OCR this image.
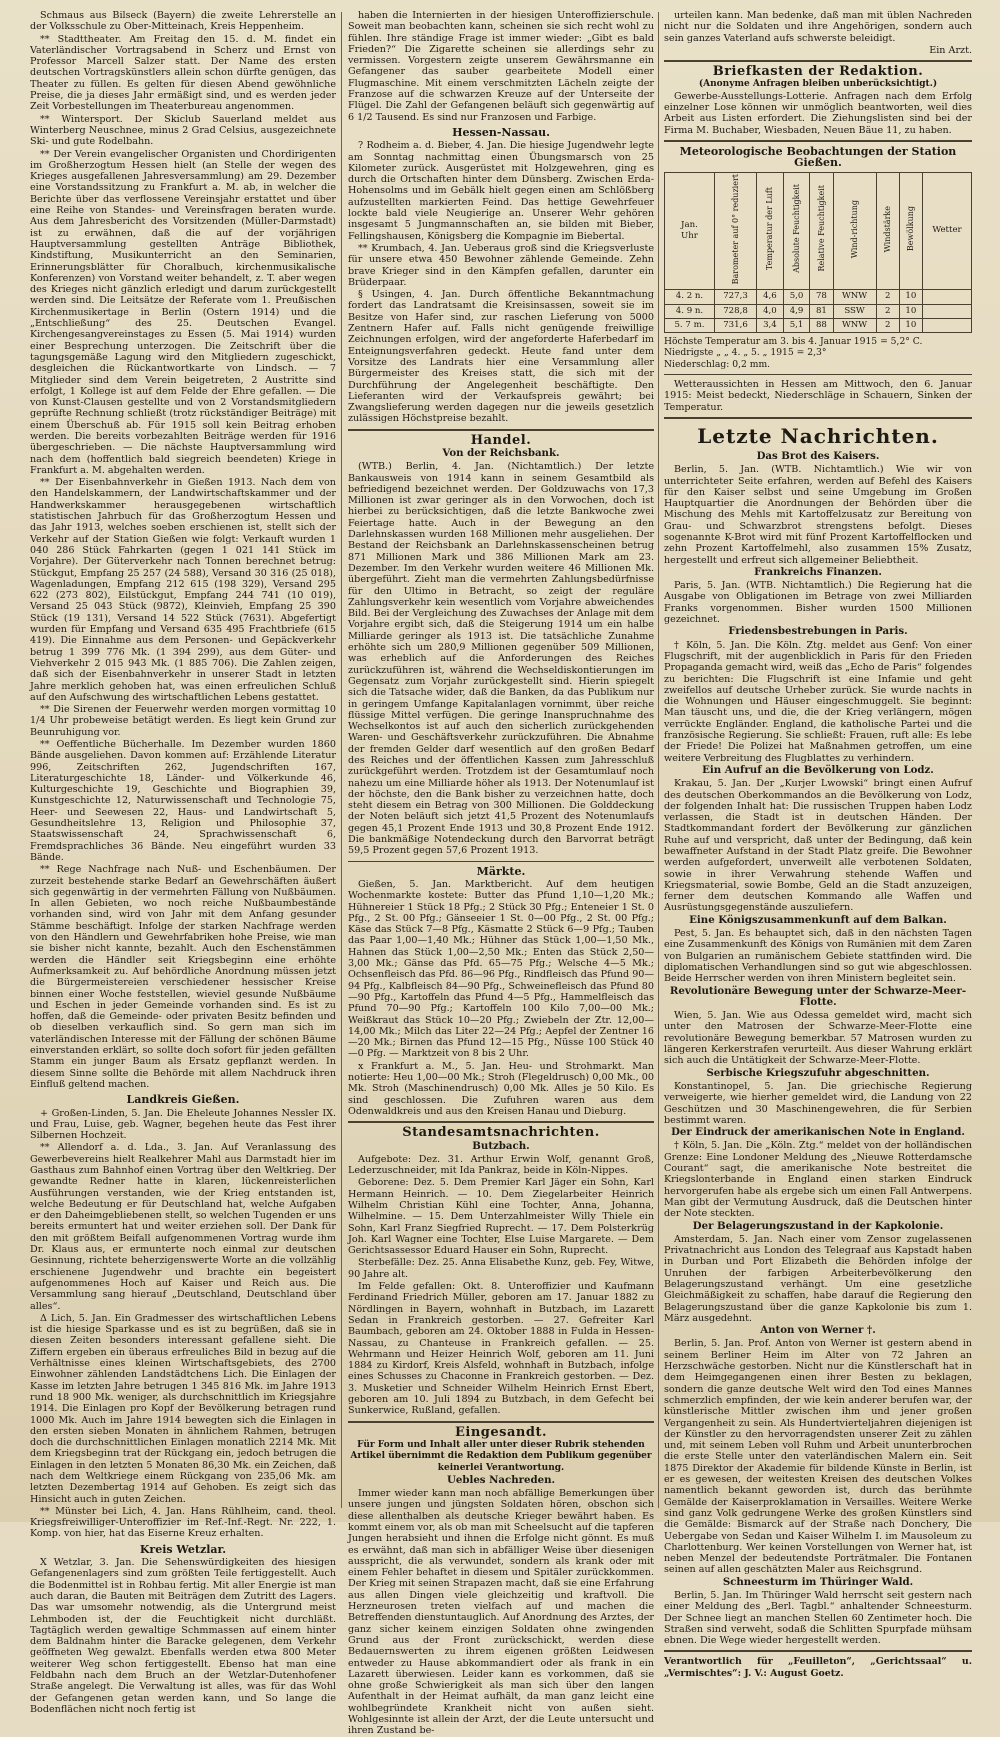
Schmaus aus Bilseck (Bayern) die zweite Lehrerstelle an der Volksschule zu Ober-Mitteinach, Kreis Heppenheim.

** Stadttheater. Am Freitag den 15. d. M. findet ein Vaterländischer Vortragsabend in Scherz und Ernst von Professor Marcell Salzer statt. Der Name des ersten deutschen Vortragskünstlers allein schon dürfte genügen, das Theater zu füllen. Es gelten für diesen Abend gewöhnliche Preise, die ja dieses Jahr ermäßigt sind, und es werden jeder Zeit Vorbestellungen im Theaterbureau angenommen.

** Wintersport. Der Skiclub Sauerland meldet aus Winterberg Neuschnee, minus 2 Grad Celsius, ausgezeichnete Ski- und gute Rodelbahn.

** Der Verein evangelischer Organisten und Chordirigenten im Großherzogtum Hessen hielt (an Stelle der wegen des Krieges ausgefallenen Jahresversammlung) am 29. Dezember eine Vorstandssitzung zu Frankfurt a. M. ab, in welcher die Berichte über das verflossene Vereinsjahr erstattet und über eine Reihe von Standes- und Vereinsfragen beraten wurde. Aus dem Jahresbericht des Vorsitzenden (Müller-Darmstadt) ist zu erwähnen, daß die auf der vorjährigen Hauptversammlung gestellten Anträge Bibliothek, Kindstiftung, Musikunterricht an den Seminarien, Erinnerungsblätter für Choralbuch, kirchenmusikalische Konferenzen) von Vorstand weiter behandelt, z. T. aber wegen des Krieges nicht gänzlich erledigt und darum zurückgestellt werden sind. Die Leitsätze der Referate vom 1. Preußischen Kirchenmusikertage in Berlin (Ostern 1914) und die „Entschließung“ des 25. Deutschen Evangel. Kirchengesangvereinstages zu Essen (5. Mai 1914) wurden einer Besprechung unterzogen. Die Zeitschrift über die tagungsgemäße Lagung wird den Mitgliedern zugeschickt, desgleichen die Rückantwortkarte von Lindsch. — 7 Mitglieder sind dem Verein beigetreten, 2 Austritte sind erfolgt, 1 Kollege ist auf dem Felde der Ehre gefallen. — Die von Kunst-Clausen gestellte und von 2 Vorstandsmitgliedern geprüfte Rechnung schließt (trotz rückständiger Beiträge) mit einem Überschuß ab. Für 1915 soll kein Beitrag erhoben werden. Die bereits vorbezahlten Beiträge werden für 1916 übergeschrieben. — Die nächste Hauptversammlung wird nach dem (hoffentlich bald siegreich beendeten) Kriege in Frankfurt a. M. abgehalten werden.

** Der Eisenbahnverkehr in Gießen 1913. Nach dem von den Handelskammern, der Landwirtschaftskammer und der Handwerkskammer herausgegebenen wirtschaftlich statistischen Jahrbuch für das Großherzogtum Hessen und das Jahr 1913, welches soeben erschienen ist, stellt sich der Verkehr auf der Station Gießen wie folgt: Verkauft wurden 1 040 286 Stück Fahrkarten (gegen 1 021 141 Stück im Vorjahre). Der Güterverkehr nach Tonnen berechnet betrug: Stückgut, Empfang 25 257 (24 588), Versand 30 316 (25 018), Wagenladungen, Empfang 212 615 (198 329), Versand 295 622 (273 802), Eilstückgut, Empfang 244 741 (10 019), Versand 25 043 Stück (9872), Kleinvieh, Empfang 25 390 Stück (19 131), Versand 14 522 Stück (7631). Abgefertigt wurden für Empfang und Versand 635 495 Frachtbriefe (615 419). Die Einnahme aus dem Personen- und Gepäckverkehr betrug 1 399 776 Mk. (1 394 299), aus dem Güter- und Viehverkehr 2 015 943 Mk. (1 885 706). Die Zahlen zeigen, daß sich der Eisenbahnverkehr in unserer Stadt in letzten Jahre merklich gehoben hat, was einen erfreulichen Schluß auf den Aufschwung des wirtschaftlichen Lebens gestattet.

** Die Sirenen der Feuerwehr werden morgen vormittag 10 1/4 Uhr probeweise betätigt werden. Es liegt kein Grund zur Beunruhigung vor.

** Oeffentliche Bücherhalle. Im Dezember wurden 1860 Bände ausgeliehen. Davon kommen auf: Erzählende Literatur 996, Zeitschriften 262, Jugendschriften 167, Literaturgeschichte 18, Länder- und Völkerkunde 46, Kulturgeschichte 19, Geschichte und Biographien 39, Kunstgeschichte 12, Naturwissenschaft und Technologie 75, Heer- und Seewesen 22, Haus- und Landwirtschaft 5, Gesundheitslehre 13, Religion und Philosophie 37, Staatswissenschaft 24, Sprachwissenschaft 6, Fremdsprachliches 36 Bände. Neu eingeführt wurden 33 Bände.

** Rege Nachfrage nach Nuß- und Eschenbäumen. Der zurzeit bestehende starke Bedarf an Gewehrschäften äußert sich gegenwärtig in der vermehrten Fällung von Nußbäumen. In allen Gebieten, wo noch reiche Nußbaumbestände vorhanden sind, wird von Jahr mit dem Anfang gesunder Stämme beschäftigt. Infolge der starken Nachfrage werden von den Händlern und Gewehrfabriken hohe Preise, wie man sie bisher nicht kannte, bezahlt. Auch den Eschenstämmen werden die Händler seit Kriegsbeginn eine erhöhte Aufmerksamkeit zu. Auf behördliche Anordnung müssen jetzt die Bürgermeistereien verschiedener hessischer Kreise binnen einer Woche feststellen, wieviel gesunde Nußbäume und Eschen in jeder Gemeinde vorhanden sind. Es ist zu hoffen, daß die Gemeinde- oder privaten Besitz befinden und ob dieselben verkauflich sind. So gern man sich im vaterländischen Interesse mit der Fällung der schönen Bäume einverstanden erklärt, so sollte doch sofort für jeden gefällten Stamm ein junger Baum als Ersatz gepflanzt werden. In diesem Sinne sollte die Behörde mit allem Nachdruck ihren Einfluß geltend machen.

Landkreis Gießen.

+ Großen-Linden, 5. Jan. Die Eheleute Johannes Nessler IX. und Frau, Luise, geb. Wagner, begehen heute das Fest ihrer Silbernen Hochzeit.

** Allendorf a. d. Lda., 3. Jan. Auf Veranlassung des Gewerbevereins hielt Realkehrer Mahl aus Darmstadt hier im Gasthaus zum Bahnhof einen Vortrag über den Weltkrieg. Der gewandte Redner hatte in klaren, lückenreisterlichen Ausführungen verstanden, wie der Krieg entstanden ist, welche Bedeutung er für Deutschland hat, welche Aufgaben er den Daheimgebliebenen stellt, so welchen Tugenden er uns bereits ermuntert hat und weiter erziehen soll. Der Dank für den mit größtem Beifall aufgenommenen Vortrag wurde ihm Dr. Klaus aus, er ermunterte noch einmal zur deutschen Gesinnung, richtete beherzigenswerte Worte an die vollzählig erschienene Jugendwehr und brachte ein begeistert aufgenommenes Hoch auf Kaiser und Reich aus. Die Versammlung sang hierauf „Deutschland, Deutschland über alles“.

Δ Lich, 5. Jan. Ein Gradmesser des wirtschaftlichen Lebens ist die hiesige Sparkasse und es ist zu begrüßen, daß sie in diesen Zeiten besonders interessant gefallene sieht. Die Ziffern ergeben ein überaus erfreuliches Bild in bezug auf die Verhältnisse eines kleinen Wirtschaftsgebiets, des 2700 Einwohner zählenden Landstädtchens Lich. Die Einlagen der Kasse im letzten Jahre betrugen 1 345 816 Mk. im Jahre 1913 rund 18 900 Mk. weniger, als durchschnittlich im Kriegsjahre 1914. Die Einlagen pro Kopf der Bevölkerung betragen rund 1000 Mk. Auch im Jahre 1914 bewegten sich die Einlagen in den ersten sieben Monaten in ähnlichem Rahmen, betrugen doch die durchschnittlichen Einlagen monatlich 2214 Mk. Mit dem Kriegsbeginn trat der Rückgang ein, jedoch betrugen die Einlagen in den letzten 5 Monaten 86,30 Mk. ein Zeichen, daß nach dem Weltkriege einem Rückgang von 235,06 Mk. am letzten Dezembertag 1914 auf Gehoben. Es zeigt sich das Hinsicht auch in guten Zeichen.

** Münster bei Lich, 4. Jan. Hans Rühlheim, cand. theol. Kriegsfreiwilliger-Unteroffizier im Ref.-Inf.-Regt. Nr. 222, 1. Komp. von hier, hat das Eiserne Kreuz erhalten.

Kreis Wetzlar.

Χ Wetzlar, 3. Jan. Die Sehenswürdigkeiten des hiesigen Gefangenenlagers sind zum größten Teile fertiggestellt. Auch die Bodenmittel ist in Rohbau fertig. Mit aller Energie ist man auch daran, die Bauten mit Beiträgen dem Zutritt des Lagers. Das war umsomehr notwendig, als die Untergrund meist Lehmboden ist, der die Feuchtigkeit nicht durchläßt. Tagtäglich werden gewaltige Schmmassen auf einem hinter dem Baldnahm hinter die Baracke gelegenen, dem Verkehr geöffneten Weg gewalzt. Ebenfalls werden etwa 800 Meter weiterer Weg schon fertiggestellt. Ebenso hat man eine Feldbahn nach dem Bruch an der Wetzlar-Dutenhofener Straße angelegt. Die Verwaltung ist alles, was für das Wohl der Gefangenen getan werden kann, und So lange die Bodenflächen nicht noch fertig ist

haben die Internierten in der hiesigen Unteroffizierschule. Soweit man beobachten kann, scheinen sie sich recht wohl zu fühlen. Ihre ständige Frage ist immer wieder: „Gibt es bald Frieden?“ Die Zigarette scheinen sie allerdings sehr zu vermissen. Vorgestern zeigte unserem Gewährsmanne ein Gefangener das sauber gearbeitete Modell einer Flugmaschine. Mit einem verschmitzten Lächeln zeigte der Franzose auf die schwarzen Kreuze auf der Unterseite der Flügel. Die Zahl der Gefangenen beläuft sich gegenwärtig auf 6 1/2 Tausend. Es sind nur Franzosen und Farbige.

Hessen-Nassau.

? Rodheim a. d. Bieber, 4. Jan. Die hiesige Jugendwehr legte am Sonntag nachmittag einen Übungsmarsch von 25 Kilometer zurück. Ausgerüstet mit Holzgewehren, ging es durch die Ortschaften hinter dem Dünsberg. Zwischen Erda-Hohensolms und im Gebälk hielt gegen einen am Schlößberg aufzustellten markierten Feind. Das hettige Gewehrfeuer lockte bald viele Neugierige an. Unserer Wehr gehören insgesamt 5 Jungmannschaften an, sie bilden mit Bieber, Fellingshausen, Königsberg die Kompagnie im Biebertal.

** Krumbach, 4. Jan. Ueberaus groß sind die Kriegsverluste für unsere etwa 450 Bewohner zählende Gemeinde. Zehn brave Krieger sind in den Kämpfen gefallen, darunter ein Brüderpaar.

§ Usingen, 4. Jan. Durch öffentliche Bekanntmachung fordert das Landratsamt die Kreisinsassen, soweit sie im Besitze von Hafer sind, zur raschen Lieferung von 5000 Zentnern Hafer auf. Falls nicht genügende freiwillige Zeichnungen erfolgen, wird der angeforderte Haferbedarf im Enteignungsverfahren gedeckt. Heute fand unter dem Vorsitze des Landrats hier eine Versammlung aller Bürgermeister des Kreises statt, die sich mit der Durchführung der Angelegenheit beschäftigte. Den Lieferanten wird der Verkaufspreis gewährt; bei Zwangslieferung werden dagegen nur die jeweils gesetzlich zulässigen Höchstpreise bezahlt.

Handel.
Von der Reichsbank.

(WTB.) Berlin, 4. Jan. (Nichtamtlich.) Der letzte Bankausweis von 1914 kann in seinem Gesamtbild als befriedigend bezeichnet werden. Der Goldzuwachs von 17,3 Millionen ist zwar geringer als in den Vorwochen, doch ist hierbei zu berücksichtigen, daß die letzte Bankwoche zwei Feiertage hatte. Auch in der Bewegung an den Darlehnskassen wurden 168 Millionen mehr ausgeliehen. Der Bestand der Reichsbank an Darlehnskassenscheinen betrug 871 Millionen Mark und 386 Millionen Mark am 23. Dezember. Im den Verkehr wurden weitere 46 Millionen Mk. übergeführt. Zieht man die vermehrten Zahlungsbedürfnisse für den Ultimo in Betracht, so zeigt der reguläre Zahlungsverkehr kein wesentlich vom Vorjahre abweichendes Bild. Bei der Vergleichung des Zuwachses der Anlage mit dem Vorjahre ergibt sich, daß die Steigerung 1914 um ein halbe Milliarde geringer als 1913 ist. Die tatsächliche Zunahme erhöhte sich um 280,9 Millionen gegenüber 509 Millionen, was erheblich auf die Anforderungen des Reiches zurückzuführen ist, während die Wechseldiskontierungen im Gegensatz zum Vorjahr zurückgestellt sind. Hierin spiegelt sich die Tatsache wider, daß die Banken, da das Publikum nur in geringem Umfange Kapitalanlagen vornimmt, über reiche flüssige Mittel verfügen. Die geringe Inanspruchnahme des Wechselkontos ist auf auch den sicherlich zurückgehenden Waren- und Geschäftsverkehr zurückzuführen. Die Abnahme der fremden Gelder darf wesentlich auf den großen Bedarf des Reiches und der öffentlichen Kassen zum Jahresschluß zurückgeführt werden. Trotzdem ist der Gesamtumlauf noch nahezu um eine Milliarde höher als 1913. Der Notenumlauf ist der höchste, den die Bank bisher zu verzeichnen hatte, doch steht diesem ein Betrag von 300 Millionen. Die Golddeckung der Noten beläuft sich jetzt 41,5 Prozent des Notenumlaufs gegen 45,1 Prozent Ende 1913 und 30,8 Prozent Ende 1912. Die bankmäßige Notendeckung durch den Barvorrat beträgt 59,5 Prozent gegen 57,6 Prozent 1913.

Märkte.

Gießen, 5. Jan. Marktbericht. Auf dem heutigen Wochenmarkte kostete: Butter das Pfund 1,10—1,20 Mk.; Hühnereier 1 Stück 18 Pfg.; 2 Stück 30 Pfg.; Enteneier 1 St. 0 Pfg., 2 St. 00 Pfg.; Gänseeier 1 St. 0—00 Pfg., 2 St. 00 Pfg.; Käse das Stück 7—8 Pfg., Käsmatte 2 Stück 6—9 Pfg.; Tauben das Paar 1,00—1,40 Mk.; Hühner das Stück 1,00—1,50 Mk., Hahnen das Stück 1,00—2,50 Mk.; Enten das Stück 2,50—3,00 Mk.; Gänse das Pfd. 65—75 Pfg.; Welsche 4—5 Mk.; Ochsenfleisch das Pfd. 86—96 Pfg., Rindfleisch das Pfund 90—94 Pfg., Kalbfleisch 84—90 Pfg., Schweinefleisch das Pfund 80—90 Pfg., Kartoffeln das Pfund 4—5 Pfg., Hammelfleisch das Pfund 70—90 Pfg.; Kartoffeln 100 Kilo 7,00—00 Mk.; Weißkraut das Stück 10—20 Pfg.; Zwiebeln der Ztr. 12,00—14,00 Mk.; Milch das Liter 22—24 Pfg.; Aepfel der Zentner 16—20 Mk.; Birnen das Pfund 12—15 Pfg., Nüsse 100 Stück 40—0 Pfg. — Marktzeit von 8 bis 2 Uhr.

x Frankfurt a. M., 5. Jan. Heu- und Strohmarkt. Man notierte: Heu 1,00—00 Mk.; Stroh (Flegeldrusch) 0,00 Mk., 00 Mk. Stroh (Maschinendrusch) 0,00 Mk. Alles je 50 Kilo. Es sind geschlossen. Die Zufuhren waren aus dem Odenwaldkreis und aus den Kreisen Hanau und Dieburg.

Standesamtsnachrichten.
Butzbach.

Aufgebote: Dez. 31. Arthur Erwin Wolf, genannt Groß, Lederzuschneider, mit Ida Pankraz, beide in Köln-Nippes.

Geborene: Dez. 5. Dem Premier Karl Jäger ein Sohn, Karl Hermann Heinrich. — 10. Dem Ziegelarbeiter Heinrich Wilhelm Christian Kühl eine Tochter, Anna, Johanna, Wilhelmine. — 15. Dem Unterzahlmeister Willy Thiele ein Sohn, Karl Franz Siegfried Ruprecht. — 17. Dem Polsterkrüg Joh. Karl Wagner eine Tochter, Else Luise Margarete. — Dem Gerichtsassessor Eduard Hauser ein Sohn, Ruprecht.

Sterbefälle: Dez. 25. Anna Elisabethe Kunz, geb. Fey, Witwe, 90 Jahre alt.

Im Felde gefallen: Okt. 8. Unteroffizier und Kaufmann Ferdinand Friedrich Müller, geboren am 17. Januar 1882 zu Nördlingen in Bayern, wohnhaft in Butzbach, im Lazarett Sedan in Frankreich gestorben. — 27. Gefreiter Karl Baumbach, geboren am 24. Oktober 1888 in Fulda in Hessen-Nassau, zu Chanteuse in Frankreich gefallen. — 25. Wehrmann und Heizer Heinrich Wolf, geboren am 11. Juni 1884 zu Kirdorf, Kreis Alsfeld, wohnhaft in Butzbach, infolge eines Schusses zu Chaconne in Frankreich gestorben. — Dez. 3. Musketier und Schneider Wilhelm Heinrich Ernst Ebert, geboren am 10. Juli 1894 zu Butzbach, in dem Gefecht bei Sunkerwice, Rußland, gefallen.

Eingesandt.
Für Form und Inhalt aller unter dieser Rubrik stehenden Artikel übernimmt die Redaktion dem Publikum gegenüber keinerlei Verantwortung.
Uebles Nachreden.

Immer wieder kann man noch abfällige Bemerkungen über unsere jungen und jüngsten Soldaten hören, obschon sich diese allenthalben als deutsche Krieger bewährt haben. Es kommt einem vor, als ob man mit Scheelsucht auf die tapferen Jungen herabsieht und ihnen die Erfolge nicht gönnt. Es muß es erwähnt, daß man sich in abfälliger Weise über diesenigen ausspricht, die als verwundet, sondern als krank oder mit einem Fehler behaftet in diesem und Spitäler zurückkommen. Der Krieg mit seinen Strapazen macht, daß sie eine Erfahrung aus allen Dingen viele gleichzeitig und kraftvoll. Die Herzneurosen treten vielfach auf und machen die Betreffenden dienstuntauglich. Auf Anordnung des Arztes, der ganz sicher keinem einzigen Soldaten ohne zwingenden Grund aus der Front zurückschickt, werden diese Bedauernswerten zu ihrem eigenen größten Leidwesen entweder zu Hause abkommandiert oder als frank in ein Lazarett überwiesen. Leider kann es vorkommen, daß sie ohne große Schwierigkeit als man sich über den langen Aufenthalt in der Heimat aufhält, da man ganz leicht eine wohlbegründete Krankheit nicht von außen sieht. Wohlgesinnte ist allein der Arzt, der die Leute untersucht und ihren Zustand be-

urteilen kann. Man bedenke, daß man mit üblen Nachreden nicht nur die Soldaten und ihre Angehörigen, sondern auch sein ganzes Vaterland aufs schwerste beleidigt.

Ein Arzt.
Briefkasten der Redaktion.
(Anonyme Anfragen bleiben unberücksichtigt.)

Gewerbe-Ausstellungs-Lotterie. Anfragen nach dem Erfolg einzelner Lose können wir unmöglich beantworten, weil dies Arbeit aus Listen erfordert. Die Ziehungslisten sind bei der Firma M. Buchaber, Wiesbaden, Neuen Bäue 11, zu haben.

Meteorologische Beobachtungen der Station Gießen.
Jan.
Uhr	Barometer auf 0° reduziert	Temperatur der Luft	Absolute Feuchtigkeit	Relative Feuchtigkeit	Wind-richtung	Windstärke	Bewölkung	Wetter
4. 2 n.	727,3	4,6	5,0	78	WNW	2	10	
4. 9 n.	728,8	4,0	4,9	81	SSW	2	10	
5. 7 m.	731,6	3,4	5,1	88	WNW	2	10	
Höchste Temperatur am 3. bis 4. Januar 1915 = 5,2° C.
Niedrigste „ „ 4. „ 5. „ 1915 = 2,3°
Niederschlag: 0,2 mm.

Wetteraussichten in Hessen am Mittwoch, den 6. Januar 1915: Meist bedeckt, Niederschläge in Schauern, Sinken der Temperatur.

Letzte Nachrichten.
Das Brot des Kaisers.

Berlin, 5. Jan. (WTB. Nichtamtlich.) Wie wir von unterrichteter Seite erfahren, werden auf Befehl des Kaisers für den Kaiser selbst und seine Umgebung im Großen Hauptquartier die Anordnungen der Behörden über die Mischung des Mehls mit Kartoffelzusatz zur Bereitung von Grau- und Schwarzbrot strengstens befolgt. Dieses sogenannte K-Brot wird mit fünf Prozent Kartoffelflocken und zehn Prozent Kartoffelmehl, also zusammen 15% Zusatz, hergestellt und erfreut sich allgemeiner Beliebtheit.

Frankreichs Finanzen.

Paris, 5. Jan. (WTB. Nichtamtlich.) Die Regierung hat die Ausgabe von Obligationen im Betrage von zwei Milliarden Franks vorgenommen. Bisher wurden 1500 Millionen gezeichnet.

Friedensbestrebungen in Paris.

† Köln, 5. Jan. Die Köln. Ztg. meldet aus Genf: Von einer Flugschrift, mit der augenblicklich in Paris für den Frieden Propaganda gemacht wird, weiß das „Echo de Paris“ folgendes zu berichten: Die Flugschrift ist eine Infamie und geht zweifellos auf deutsche Urheber zurück. Sie wurde nachts in die Wohnungen und Häuser eingeschmuggelt. Sie beginnt: Man täuscht uns, und die, die der Krieg verlängern, mögen verrückte Engländer. England, die katholische Partei und die französische Regierung. Sie schließt: Frauen, ruft alle: Es lebe der Friede! Die Polizei hat Maßnahmen getroffen, um eine weitere Verbreitung des Flugblattes zu verhindern.

Ein Aufruf an die Bevölkerung von Lodz.

Krakau, 5. Jan. Der „Kurjer Lwowski“ bringt einen Aufruf des deutschen Oberkommandos an die Bevölkerung von Lodz, der folgenden Inhalt hat: Die russischen Truppen haben Lodz verlassen, die Stadt ist in deutschen Händen. Der Stadtkommandant fordert der Bevölkerung zur gänzlichen Ruhe auf und verspricht, daß unter der Bedingung, daß kein bewaffneter Aufstand in der Stadt Platz greife. Die Bewohner werden aufgefordert, unverweilt alle verbotenen Soldaten, sowie in ihrer Verwahrung stehende Waffen und Kriegsmaterial, sowie Bombe, Geld an die Stadt anzuzeigen, ferner dem deutschen Kommando alle Waffen und Ausrüstungsgegenstände auszuliefern.

Eine Königszusammenkunft auf dem Balkan.

Pest, 5. Jan. Es behauptet sich, daß in den nächsten Tagen eine Zusammenkunft des Königs von Rumänien mit dem Zaren von Bulgarien an rumänischem Gebiete stattfinden wird. Die diplomatischen Verhandlungen sind so gut wie abgeschlossen. Beide Herrscher werden von ihren Ministern begleitet sein.

Revolutionäre Bewegung unter der Schwarze-Meer-Flotte.

Wien, 5. Jan. Wie aus Odessa gemeldet wird, macht sich unter den Matrosen der Schwarze-Meer-Flotte eine revolutionäre Bewegung bemerkbar. 57 Matrosen wurden zu längeren Kerkerstrafen verurteilt. Aus dieser Wahrung erklärt sich auch die Untätigkeit der Schwarze-Meer-Flotte.

Serbische Kriegszufuhr abgeschnitten.

Konstantinopel, 5. Jan. Die griechische Regierung verweigerte, wie hierher gemeldet wird, die Landung von 22 Geschützen und 30 Maschinengewehren, die für Serbien bestimmt waren.

Der Eindruck der amerikanischen Note in England.

† Köln, 5. Jan. Die „Köln. Ztg.“ meldet von der holländischen Grenze: Eine Londoner Meldung des „Nieuwe Rotterdamsche Courant“ sagt, die amerikanische Note bestreitet die Kriegslonterbande in England einen starken Eindruck hervorgerufen habe als ergebe sich um einen Fall Antwerpens. Man gibt der Vermutung Ausdruck, daß die Deutschen hinter der Note steckten.

Der Belagerungszustand in der Kapkolonie.

Amsterdam, 5. Jan. Nach einer vom Zensor zugelassenen Privatnachricht aus London des Telegraaf aus Kapstadt haben in Durban und Port Elizabeth die Behörden infolge der Unruhen der farbigen Arbeiterbevölkerung den Belagerungszustand verhängt. Um eine gesetzliche Gleichmäßigkeit zu schaffen, habe darauf die Regierung den Belagerungszustand über die ganze Kapkolonie bis zum 1. März ausgedehnt.

Anton von Werner †.

Berlin, 5. Jan. Prof. Anton von Werner ist gestern abend in seinem Berliner Heim im Alter von 72 Jahren an Herzschwäche gestorben. Nicht nur die Künstlerschaft hat in dem Heimgegangenen einen ihrer Besten zu beklagen, sondern die ganze deutsche Welt wird den Tod eines Mannes schmerzlich empfinden, der wie kein anderer berufen war, der künstlerische Mittler zwischen ihm und jener großen Vergangenheit zu sein. Als Hundertvierteljahren diejenigen ist der Künstler zu den hervorragendsten unserer Zeit zu zählen und, mit seinem Leben voll Ruhm und Arbeit ununterbrochen die erste Stelle unter den vaterländischen Malern ein. Seit 1875 Direktor der Akademie für bildende Künste in Berlin, ist er es gewesen, der weitesten Kreisen des deutschen Volkes namentlich bekannt geworden ist, durch das berühmte Gemälde der Kaiserproklamation in Versailles. Weitere Werke sind ganz Volk gedrungene Werke des großen Künstlers sind die Gemälde: Bismarck auf der Straße nach Donchery, Die Uebergabe von Sedan und Kaiser Wilhelm I. im Mausoleum zu Charlottenburg. Wer keinen Vorstellungen von Werner hat, ist neben Menzel der bedeutendste Porträtmaler. Die Fontanen seinen auf allen geschätzten Maler aus Reichsgrund.

Schneesturm im Thüringer Wald.

Berlin, 5. Jan. Im Thüringer Wald herrscht seit gestern nach einer Meldung des „Berl. Tagbl.“ anhaltender Schneesturm. Der Schnee liegt an manchen Stellen 60 Zentimeter hoch. Die Straßen sind verweht, sodaß die Schlitten Spurpfade mühsam ebnen. Die Wege wieder hergestellt werden.

Verantwortlich für „Feuilleton“, „Gerichtssaal“ u. „Vermischtes“: J. V.: August Goetz.
